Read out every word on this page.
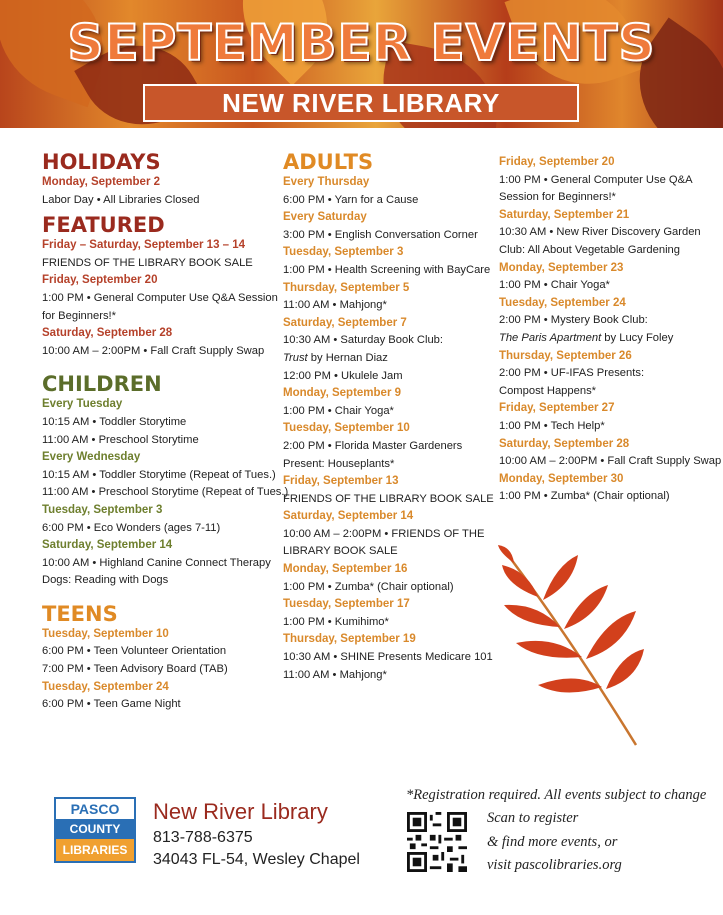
SEPTEMBER EVENTS
NEW RIVER LIBRARY
HOLIDAYS
Monday, September 2
Labor Day • All Libraries Closed
FEATURED
Friday – Saturday, September 13 – 14
FRIENDS OF THE LIBRARY BOOK SALE
Friday, September 20
1:00 PM • General Computer Use Q&A Session
for Beginners!*
Saturday, September 28
10:00 AM – 2:00PM • Fall Craft Supply Swap
CHILDREN
Every Tuesday
10:15 AM • Toddler Storytime
11:00 AM • Preschool Storytime
Every Wednesday
10:15 AM • Toddler Storytime (Repeat of Tues.)
11:00 AM • Preschool Storytime (Repeat of Tues.)
Tuesday, September 3
6:00 PM • Eco Wonders (ages 7-11)
Saturday, September 14
10:00 AM • Highland Canine Connect Therapy
Dogs: Reading with Dogs
TEENS
Tuesday, September 10
6:00 PM • Teen Volunteer Orientation
7:00 PM • Teen Advisory Board (TAB)
Tuesday, September 24
6:00 PM • Teen Game Night
ADULTS
Every Thursday
6:00 PM • Yarn for a Cause
Every Saturday
3:00 PM • English Conversation Corner
Tuesday, September 3
1:00 PM • Health Screening with BayCare
Thursday, September 5
11:00 AM • Mahjong*
Saturday, September 7
10:30 AM • Saturday Book Club:
Trust by Hernan Diaz
12:00 PM • Ukulele Jam
Monday, September 9
1:00 PM • Chair Yoga*
Tuesday, September 10
2:00 PM • Florida Master Gardeners
Present: Houseplants*
Friday, September 13
FRIENDS OF THE LIBRARY BOOK SALE
Saturday, September 14
10:00 AM – 2:00PM • FRIENDS OF THE
LIBRARY BOOK SALE
Monday, September 16
1:00 PM • Zumba* (Chair optional)
Tuesday, September 17
1:00 PM • Kumihimo*
Thursday, September 19
10:30 AM • SHINE Presents Medicare 101
11:00 AM • Mahjong*
Friday, September 20
1:00 PM • General Computer Use Q&A
Session for Beginners!*
Saturday, September 21
10:30 AM • New River Discovery Garden
Club: All About Vegetable Gardening
Monday, September 23
1:00 PM • Chair Yoga*
Tuesday, September 24
2:00 PM • Mystery Book Club:
The Paris Apartment by Lucy Foley
Thursday, September 26
2:00 PM • UF-IFAS Presents:
Compost Happens*
Friday, September 27
1:00 PM • Tech Help*
Saturday, September 28
10:00 AM – 2:00PM • Fall Craft Supply Swap
Monday, September 30
1:00 PM • Zumba* (Chair optional)
PASCO
COUNTY
LIBRARIES
New River Library
813-788-6375
34043 FL-54, Wesley Chapel
*Registration required. All events subject to change
Scan to register
& find more events, or
visit pascolibraries.org
